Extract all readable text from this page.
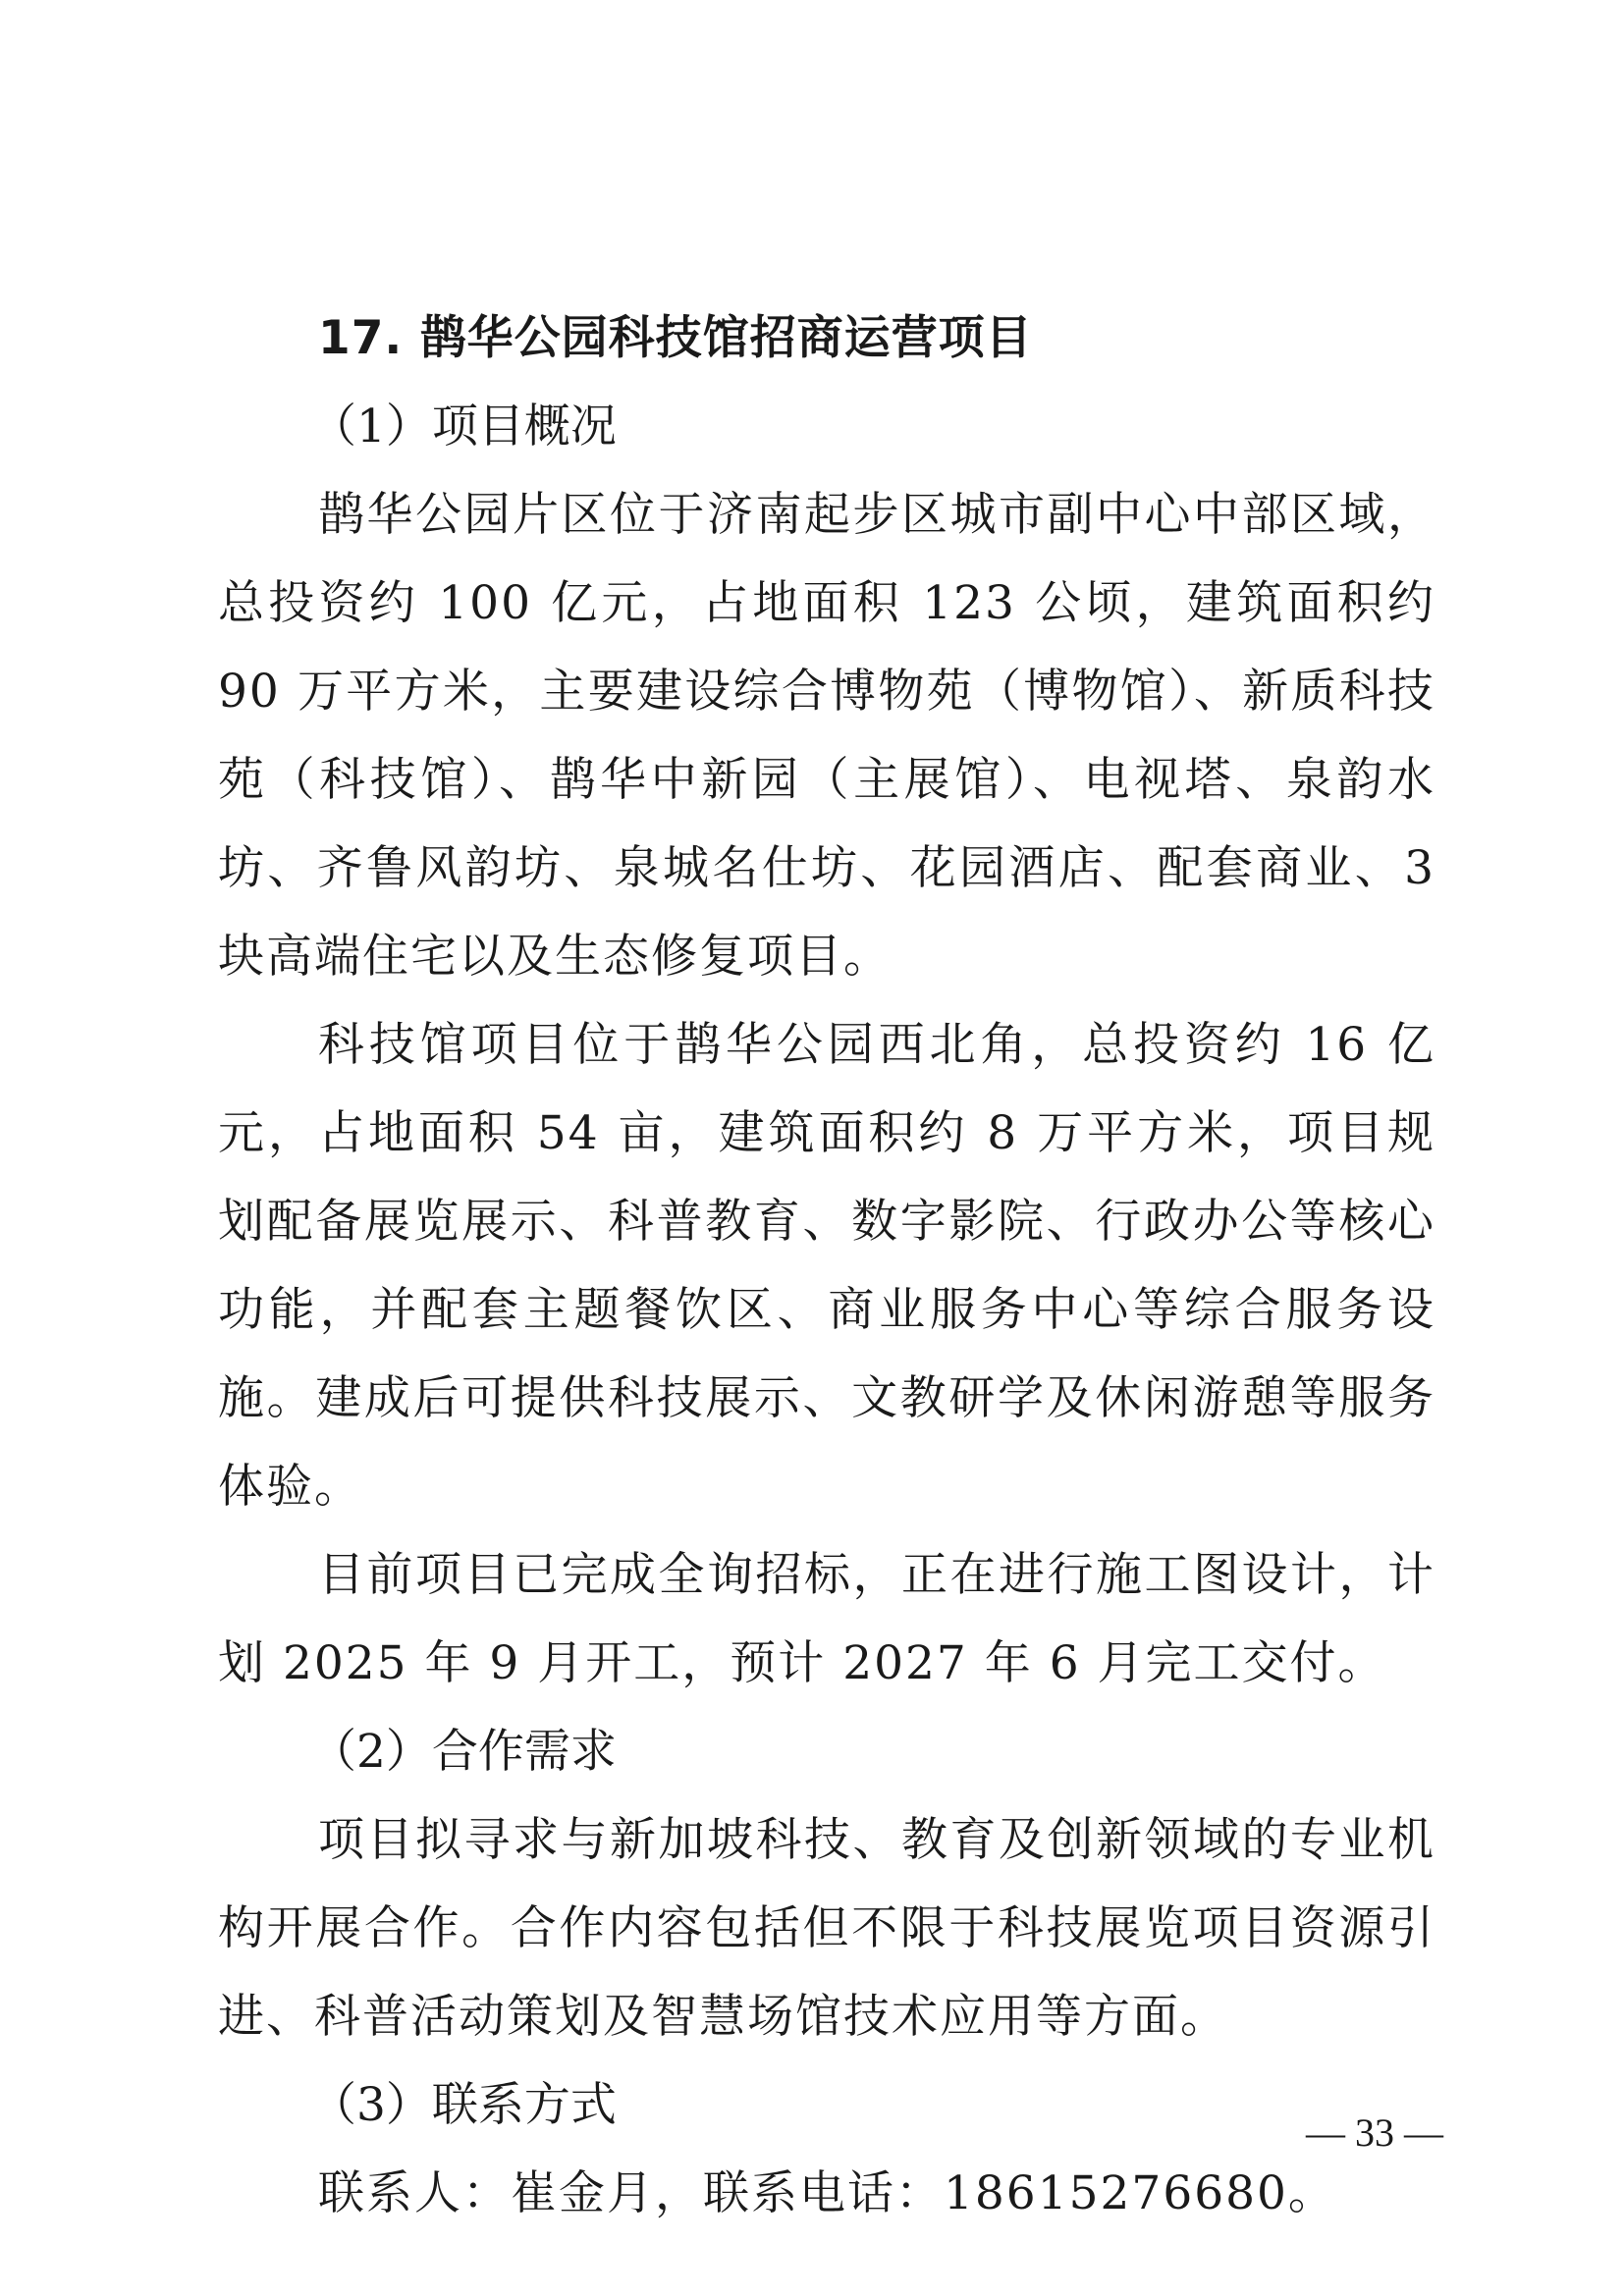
17. 鹊华公园科技馆招商运营项目

（1）项目概况

鹊华公园片区位于济南起步区城市副中心中部区域，总投资约 100 亿元，占地面积 123 公顷，建筑面积约 90 万平方米，主要建设综合博物苑（博物馆）、新质科技苑（科技馆）、鹊华中新园（主展馆）、电视塔、泉韵水坊、齐鲁风韵坊、泉城名仕坊、花园酒店、配套商业、3 块高端住宅以及生态修复项目。

科技馆项目位于鹊华公园西北角，总投资约 16 亿元，占地面积 54 亩，建筑面积约 8 万平方米，项目规划配备展览展示、科普教育、数字影院、行政办公等核心功能，并配套主题餐饮区、商业服务中心等综合服务设施。建成后可提供科技展示、文教研学及休闲游憩等服务体验。

目前项目已完成全询招标，正在进行施工图设计，计划 2025 年 9 月开工，预计 2027 年 6 月完工交付。

（2）合作需求

项目拟寻求与新加坡科技、教育及创新领域的专业机构开展合作。合作内容包括但不限于科技展览项目资源引进、科普活动策划及智慧场馆技术应用等方面。

（3）联系方式

联系人：崔金月，联系电话：18615276680。

— 33 —
